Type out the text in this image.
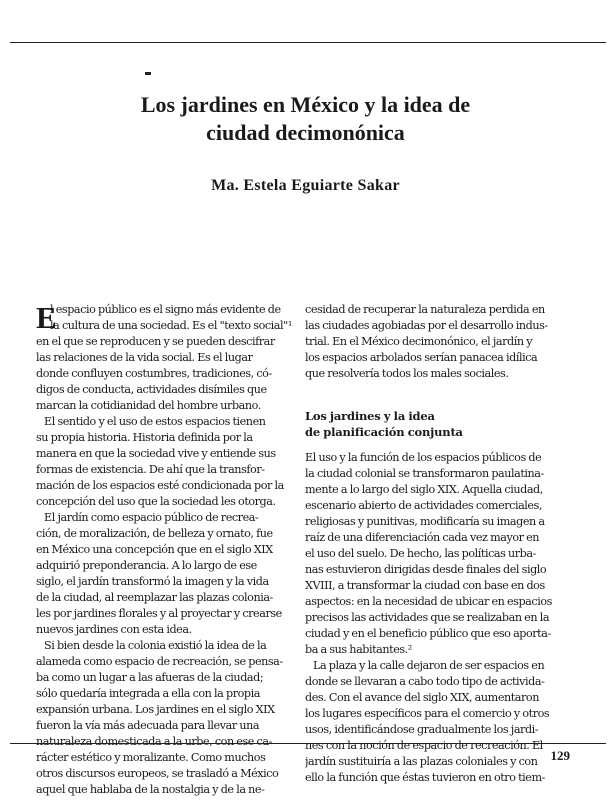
Los jardines en México y la idea de
ciudad decimonónica
Ma. Estela Eguiarte Sakar
E
l espacio público es el signo más evidente de
la cultura de una sociedad. Es el "texto social"¹
en el que se reproducen y se pueden descifrar
las relaciones de la vida social. Es el lugar
donde confluyen costumbres, tradiciones, có-
digos de conducta, actividades disímiles que
marcan la cotidianidad del hombre urbano.
El sentido y el uso de estos espacios tienen
su propia historia. Historia definida por la
manera en que la sociedad vive y entiende sus
formas de existencia. De ahí que la transfor-
mación de los espacios esté condicionada por la
concepción del uso que la sociedad les otorga.
El jardín como espacio público de recrea-
ción, de moralización, de belleza y ornato, fue
en México una concepción que en el siglo XIX
adquirió preponderancia. A lo largo de ese
siglo, el jardín transformó la imagen y la vida
de la ciudad, al reemplazar las plazas colonia-
les por jardines florales y al proyectar y crearse
nuevos jardines con esta idea.
Si bien desde la colonia existió la idea de la
alameda como espacio de recreación, se pensa-
ba como un lugar a las afueras de la ciudad;
sólo quedaría integrada a ella con la propia
expansión urbana. Los jardines en el siglo XIX
fueron la vía más adecuada para llevar una
naturaleza domesticada a la urbe, con ese ca-
rácter estético y moralizante. Como muchos
otros discursos europeos, se trasladó a México
aquel que hablaba de la nostalgia y de la ne-
cesidad de recuperar la naturaleza perdida en
las ciudades agobiadas por el desarrollo indus-
trial. En el México decimonónico, el jardín y
los espacios arbolados serían panacea idílica
que resolvería todos los males sociales.
Los jardines y la idea
de planificación conjunta
El uso y la función de los espacios públicos de
la ciudad colonial se transformaron paulatina-
mente a lo largo del siglo XIX. Aquella ciudad,
escenario abierto de actividades comerciales,
religiosas y punitivas, modificaría su imagen a
raíz de una diferenciación cada vez mayor en
el uso del suelo. De hecho, las políticas urba-
nas estuvieron dirigidas desde finales del siglo
XVIII, a transformar la ciudad con base en dos
aspectos: en la necesidad de ubicar en espacios
precisos las actividades que se realizaban en la
ciudad y en el beneficio público que eso aporta-
ba a sus habitantes.²
La plaza y la calle dejaron de ser espacios en
donde se llevaran a cabo todo tipo de activida-
des. Con el avance del siglo XIX, aumentaron
los lugares específicos para el comercio y otros
usos, identificándose gradualmente los jardi-
nes con la noción de espacio de recreación. El
jardín sustituiría a las plazas coloniales y con
ello la función que éstas tuvieron en otro tiem-
129
